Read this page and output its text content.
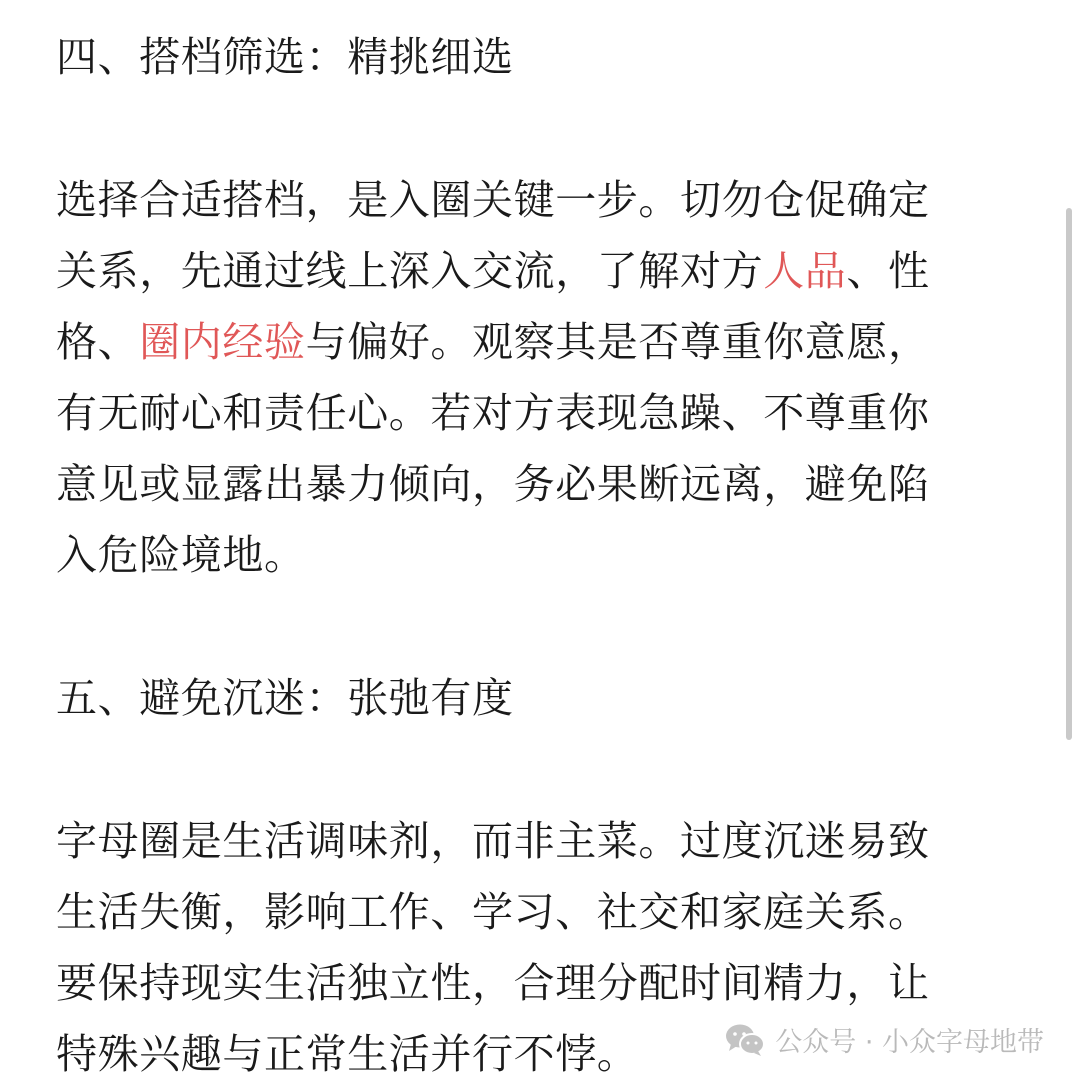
四、搭档筛选：精挑细选
选择合适搭档，是入圈关键一步。切勿仓促确定
关系，先通过线上深入交流，了解对方人品、性
格、圈内经验与偏好。观察其是否尊重你意愿，
有无耐心和责任心。若对方表现急躁、不尊重你
意见或显露出暴力倾向，务必果断远离，避免陷
入危险境地。
五、避免沉迷：张弛有度
字母圈是生活调味剂，而非主菜。过度沉迷易致
生活失衡，影响工作、学习、社交和家庭关系。
要保持现实生活独立性，合理分配时间精力，让
特殊兴趣与正常生活并行不悖。	公众号 · 小众字母地带
